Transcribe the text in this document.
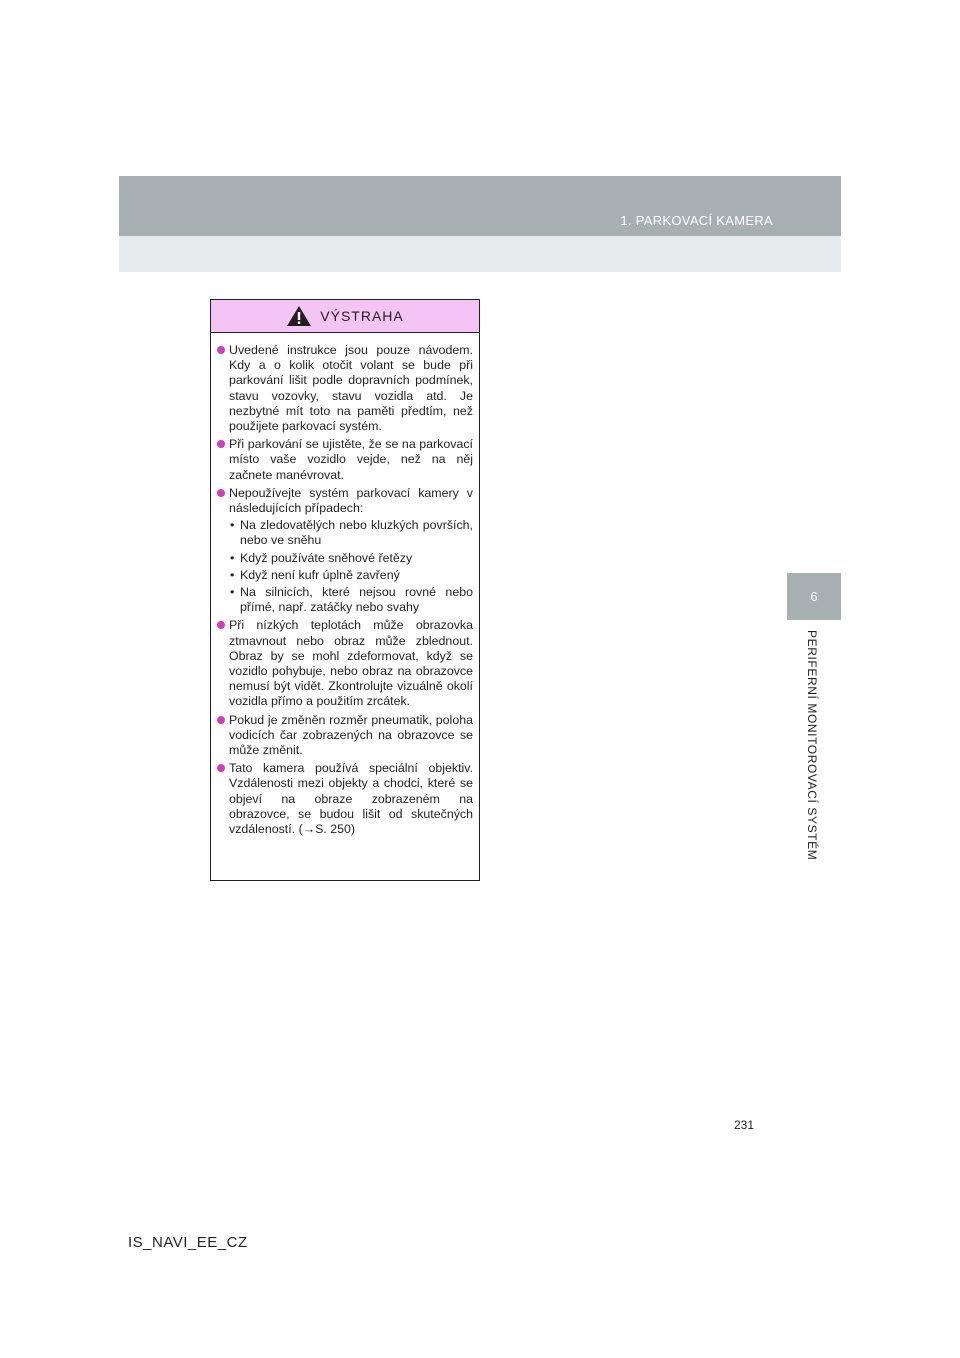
1. PARKOVACÍ KAMERA
6
PERIFERNÍ MONITOROVACÍ SYSTÉM
VÝSTRAHA
Uvedené instrukce jsou pouze návodem. Kdy a o kolik otočit volant se bude při parkování lišit podle dopravních podmínek, stavu vozovky, stavu vozidla atd. Je nezbytné mít toto na paměti předtím, než použijete parkovací systém.
Při parkování se ujistěte, že se na parkovací místo vaše vozidlo vejde, než na něj začnete manévrovat.
Nepoužívejte systém parkovací kamery v následujících případech:
• Na zledovatělých nebo kluzkých površích, nebo ve sněhu
• Když používáte sněhové řetězy
• Když není kufr úplně zavřený
• Na silnicích, které nejsou rovné nebo přímé, např. zatáčky nebo svahy
Při nízkých teplotách může obrazovka ztmavnout nebo obraz může zblednout. Obraz by se mohl zdeformovat, když se vozidlo pohybuje, nebo obraz na obrazovce nemusí být vidět. Zkontrolujte vizuálně okolí vozidla přímo a použitím zrcátek.
Pokud je změněn rozměr pneumatik, poloha vodicích čar zobrazených na obrazovce se může změnit.
Tato kamera používá speciální objektiv. Vzdálenosti mezi objekty a chodci, které se objeví na obraze zobrazeném na obrazovce, se budou lišit od skutečných vzdáleností. (→S. 250)
231
IS_NAVI_EE_CZ
